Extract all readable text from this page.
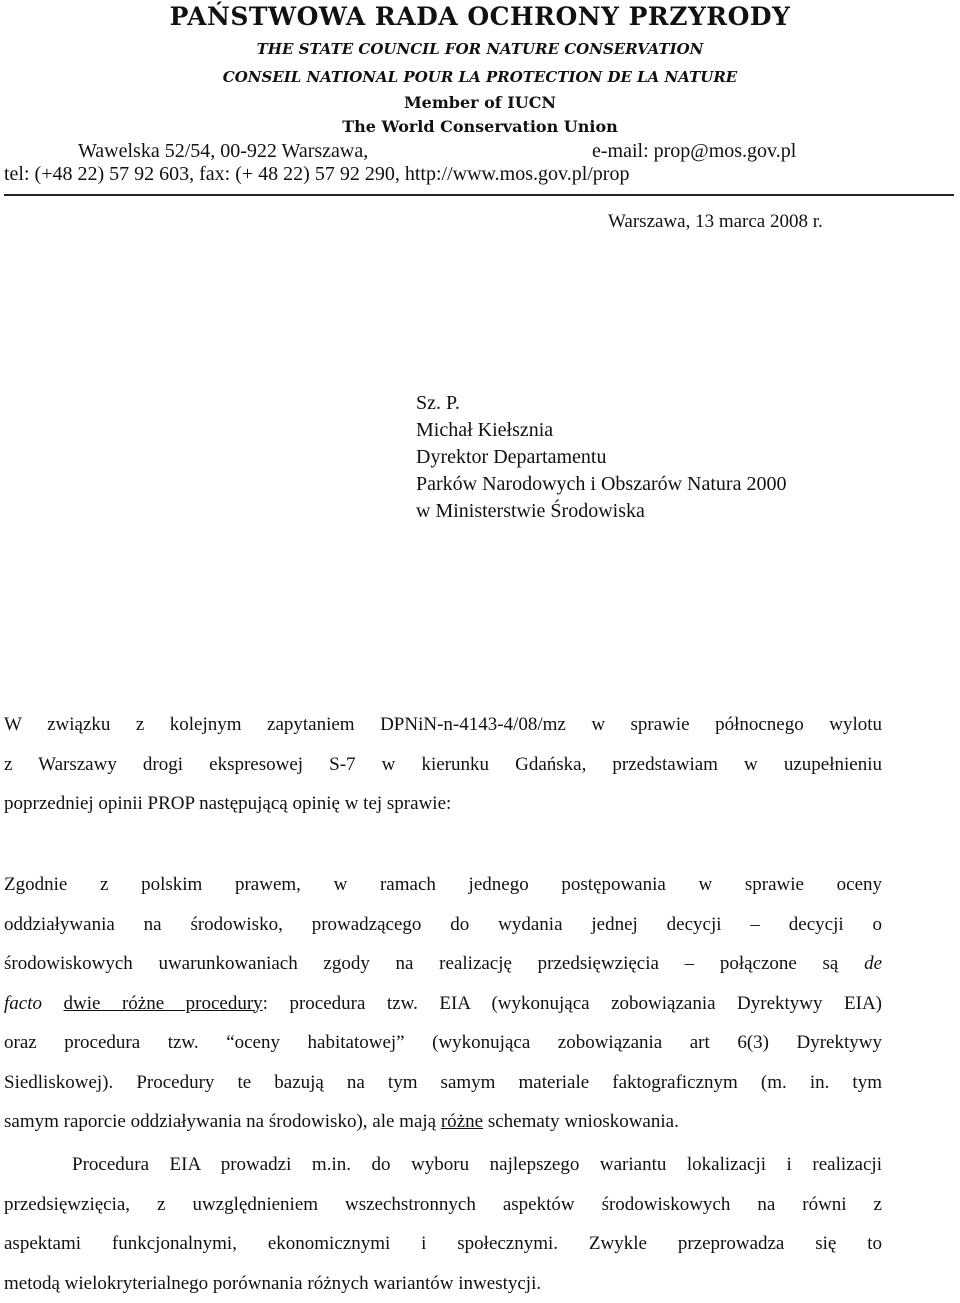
PAŃSTWOWA RADA OCHRONY PRZYRODY
THE STATE COUNCIL FOR NATURE CONSERVATION
CONSEIL NATIONAL POUR LA PROTECTION DE LA NATURE
Member of IUCN
The World Conservation Union
Wawelska 52/54, 00-922 Warszawa,	e-mail: prop@mos.gov.pl
tel: (+48 22) 57 92 603, fax: (+ 48 22) 57 92 290, http://www.mos.gov.pl/prop
Warszawa, 13 marca 2008 r.
Sz. P.
Michał Kiełsznia
Dyrektor Departamentu
Parków Narodowych i Obszarów Natura 2000
w Ministerstwie Środowiska
W związku z kolejnym zapytaniem DPNiN-n-4143-4/08/mz w sprawie północnego wylotu
z Warszawy drogi ekspresowej S-7 w kierunku Gdańska, przedstawiam w uzupełnieniu
poprzedniej opinii PROP następującą opinię w tej sprawie:
Zgodnie z polskim prawem, w ramach jednego postępowania w sprawie oceny
oddziaływania na środowisko, prowadzącego do wydania jednej decycji – decycji o
środowiskowych uwarunkowaniach zgody na realizację przedsięwzięcia – połączone są de
facto dwie różne procedury: procedura tzw. EIA (wykonująca zobowiązania Dyrektywy EIA)
oraz procedura tzw. “oceny habitatowej” (wykonująca zobowiązania art 6(3) Dyrektywy
Siedliskowej). Procedury te bazują na tym samym materiale faktograficznym (m. in. tym
samym raporcie oddziaływania na środowisko), ale mają różne schematy wnioskowania.
Procedura EIA prowadzi m.in. do wyboru najlepszego wariantu lokalizacji i realizacji
przedsięwzięcia, z uwzględnieniem wszechstronnych aspektów środowiskowych na równi z
aspektami funkcjonalnymi, ekonomicznymi i społecznymi. Zwykle przeprowadza się to
metodą wielokryterialnego porównania różnych wariantów inwestycji.
